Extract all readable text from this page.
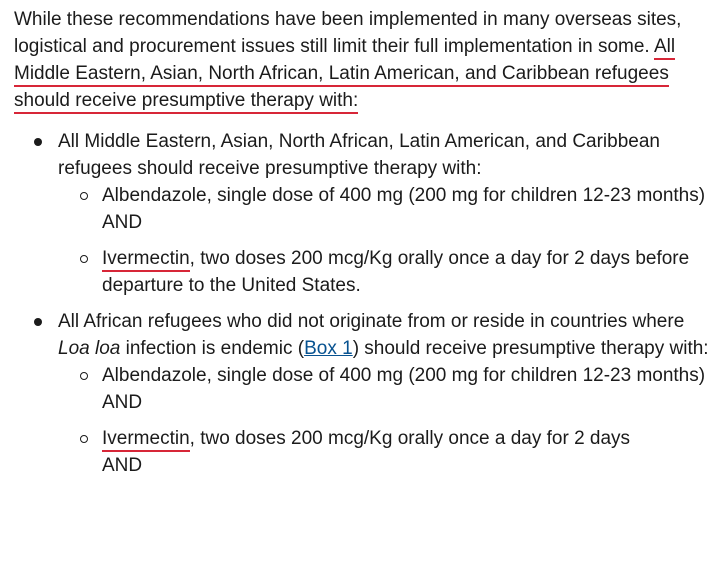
While these recommendations have been implemented in many overseas sites, logistical and procurement issues still limit their full implementation in some. All Middle Eastern, Asian, North African, Latin American, and Caribbean refugees should receive presumptive therapy with:

All Middle Eastern, Asian, North African, Latin American, and Caribbean refugees should receive presumptive therapy with:
Albendazole, single dose of 400 mg (200 mg for children 12-23 months)
AND
Ivermectin, two doses 200 mcg/Kg orally once a day for 2 days before departure to the United States.
All African refugees who did not originate from or reside in countries where Loa loa infection is endemic (Box 1) should receive presumptive therapy with:
Albendazole, single dose of 400 mg (200 mg for children 12-23 months)
AND
Ivermectin, two doses 200 mcg/Kg orally once a day for 2 days
AND
